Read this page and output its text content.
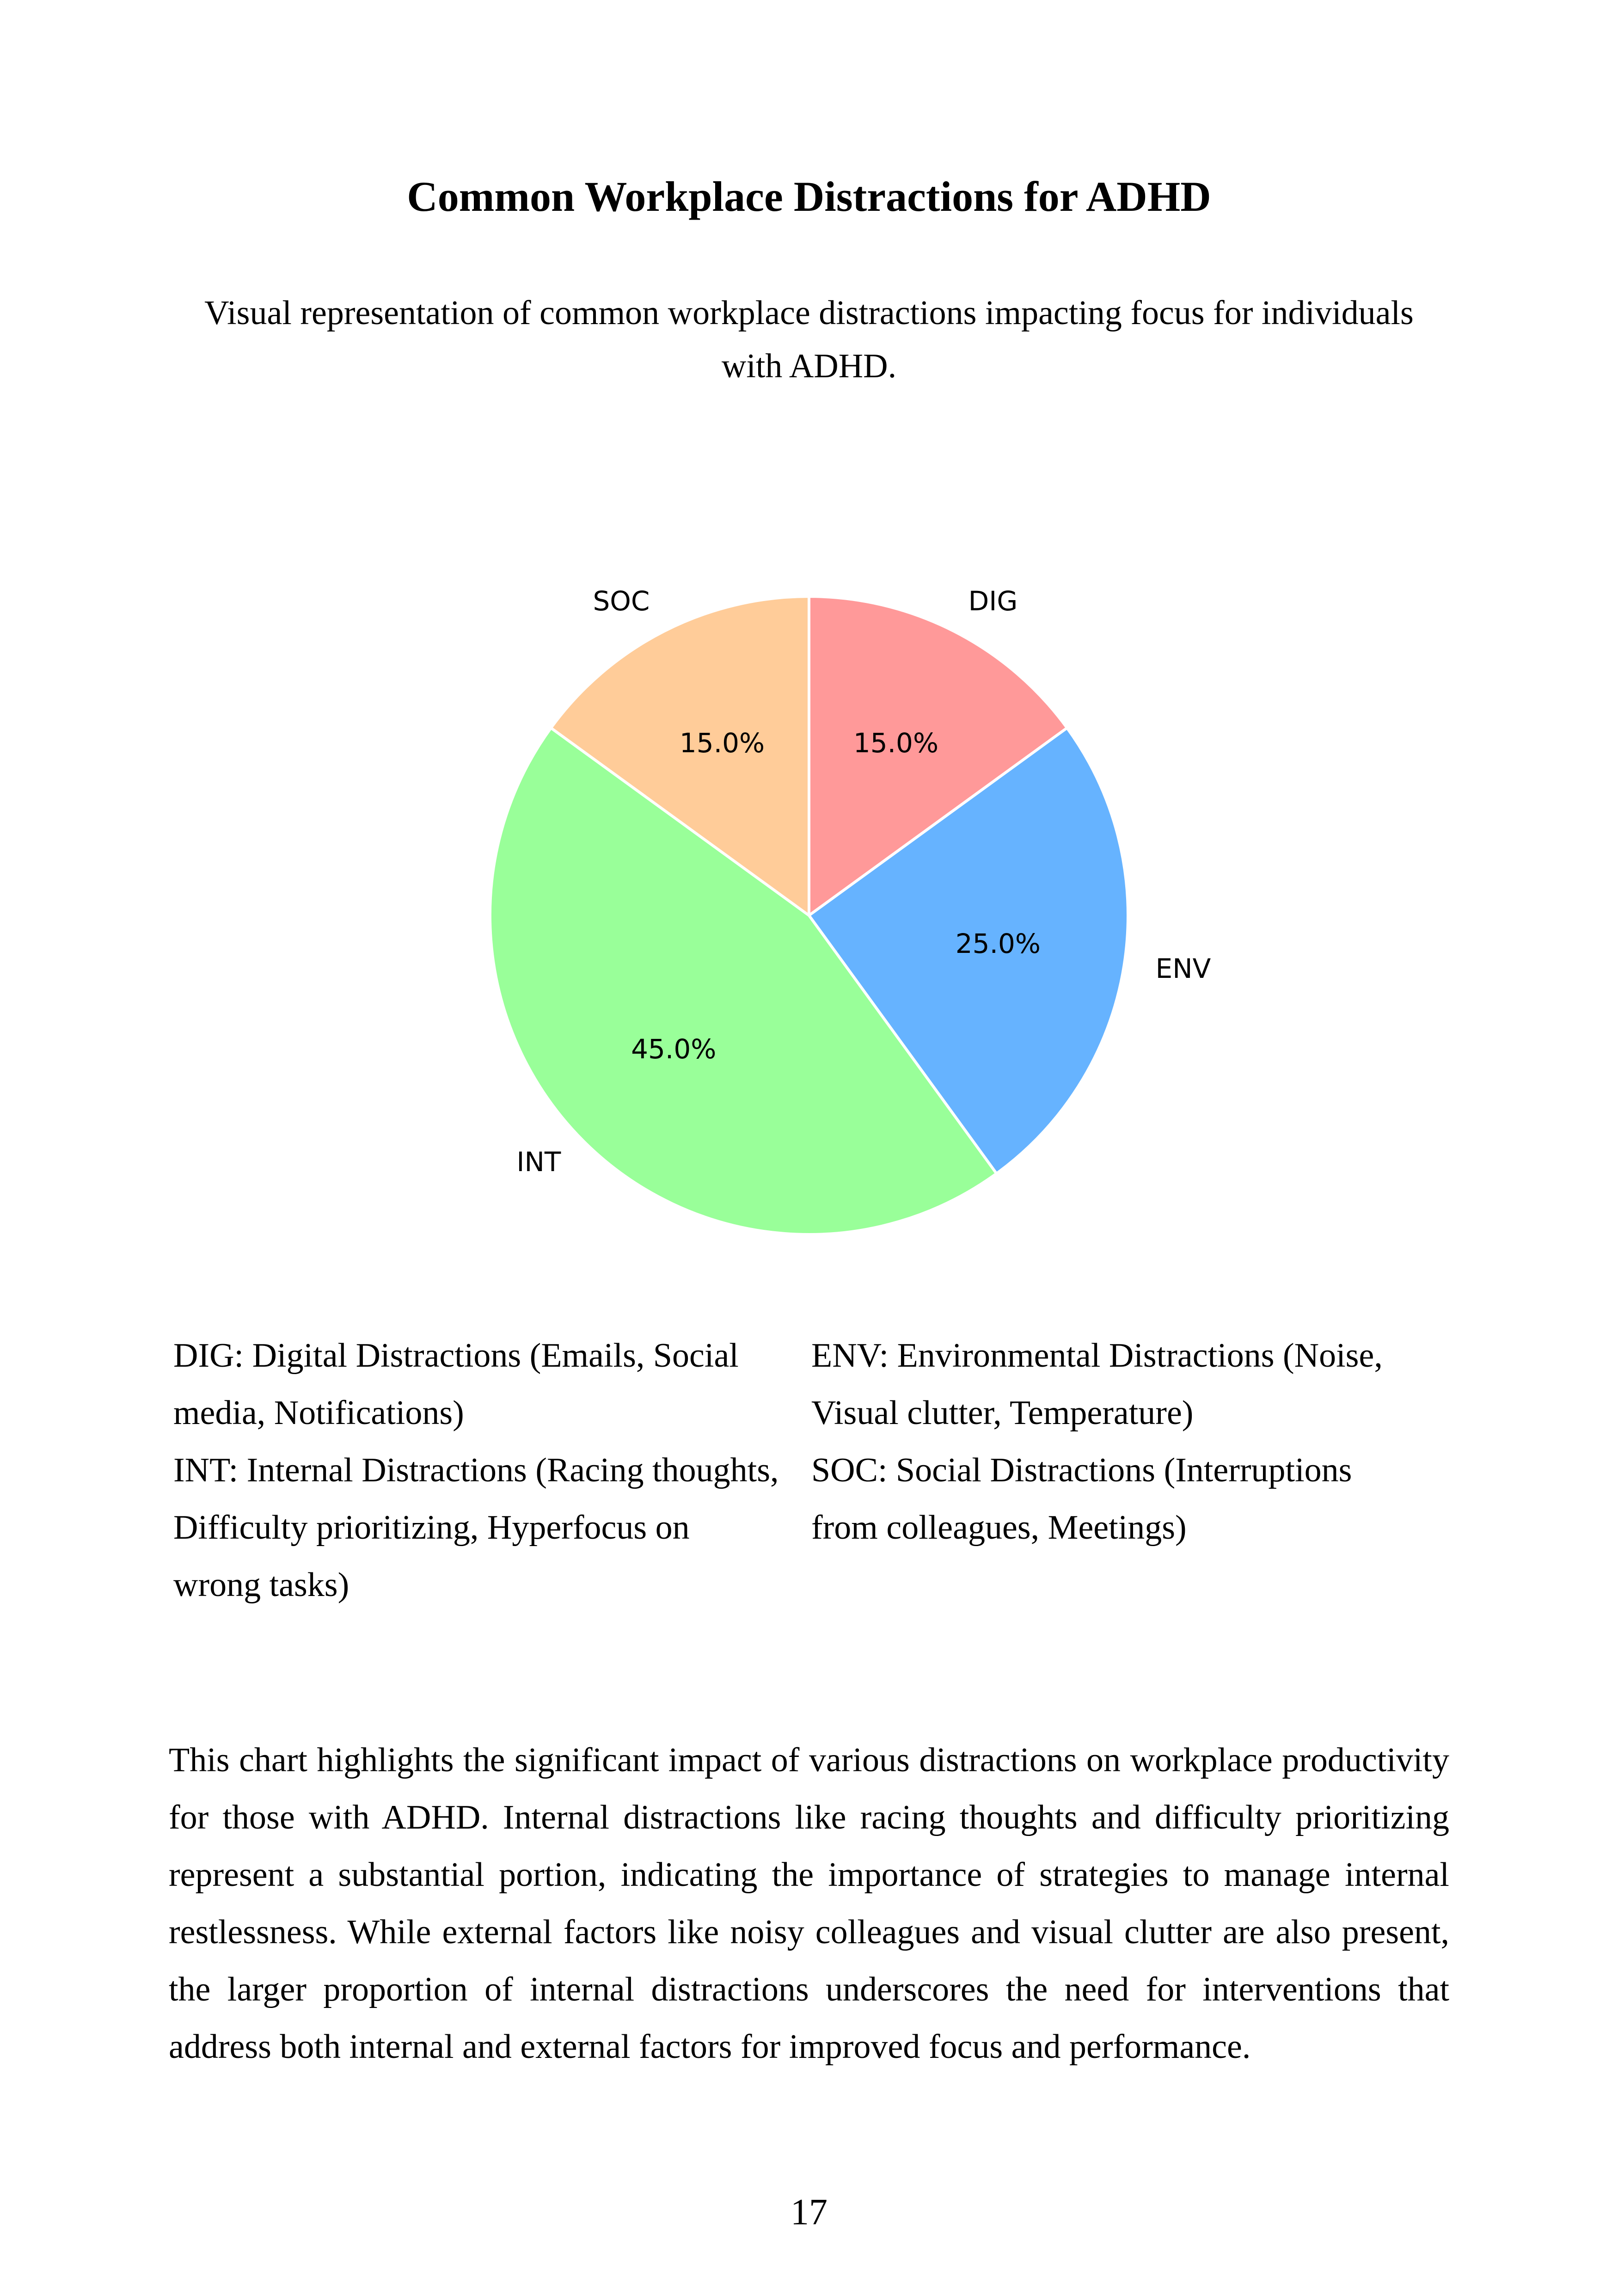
Common Workplace Distractions for ADHD
Visual representation of common workplace distractions impacting focus for individuals with ADHD.
DIG
15.0%
ENV
25.0%
INT
45.0%
SOC
15.0%
DIG: Digital Distractions (Emails, Social media, Notifications)
INT: Internal Distractions (Racing thoughts, Difficulty prioritizing, Hyperfocus on wrong tasks)
ENV: Environmental Distractions (Noise, Visual clutter, Temperature)
SOC: Social Distractions (Interruptions from colleagues, Meetings)
This chart highlights the significant impact of various distractions on workplace productivity for those with ADHD. Internal distractions like racing thoughts and difficulty prioritizing represent a substantial portion, indicating the importance of strategies to manage internal restlessness. While external factors like noisy colleagues and visual clutter are also present, the larger proportion of internal distractions underscores the need for interventions that address both internal and external factors for improved focus and performance.
17
